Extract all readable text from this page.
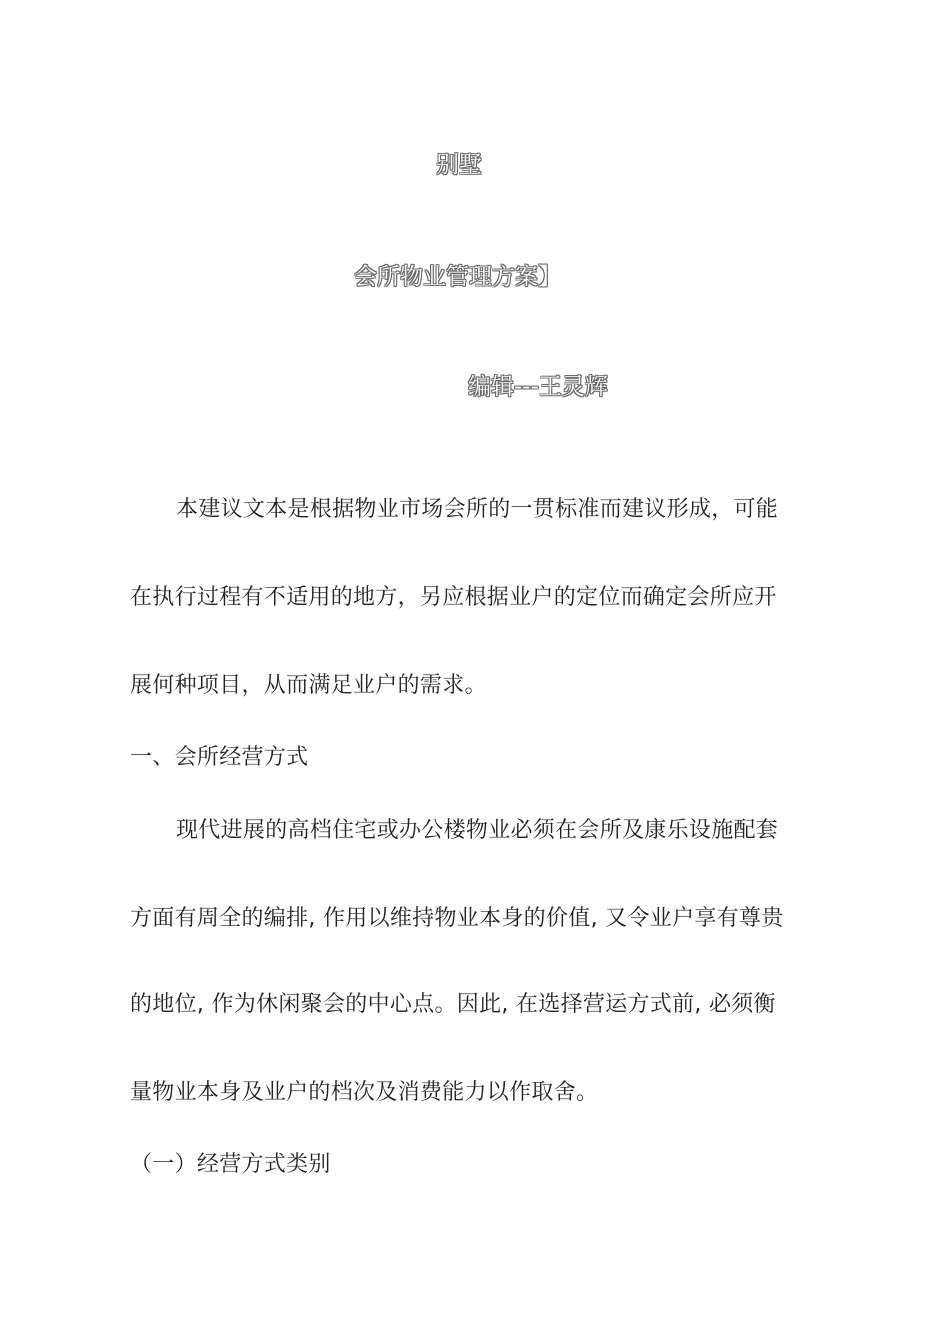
别墅
会所物业管理方案】
编辑---王灵辉
本建议文本是根据物业市场会所的一贯标准而建议形成，可能
在执行过程有不适用的地方，另应根据业户的定位而确定会所应开
展何种项目，从而满足业户的需求。
一、会所经营方式
现代进展的高档住宅或办公楼物业必须在会所及康乐设施配套
方面有周全的编排, 作用以维持物业本身的价值, 又令业户享有尊贵
的地位, 作为休闲聚会的中心点。因此, 在选择营运方式前, 必须衡
量物业本身及业户的档次及消费能力以作取舍。
（一）经营方式类别
